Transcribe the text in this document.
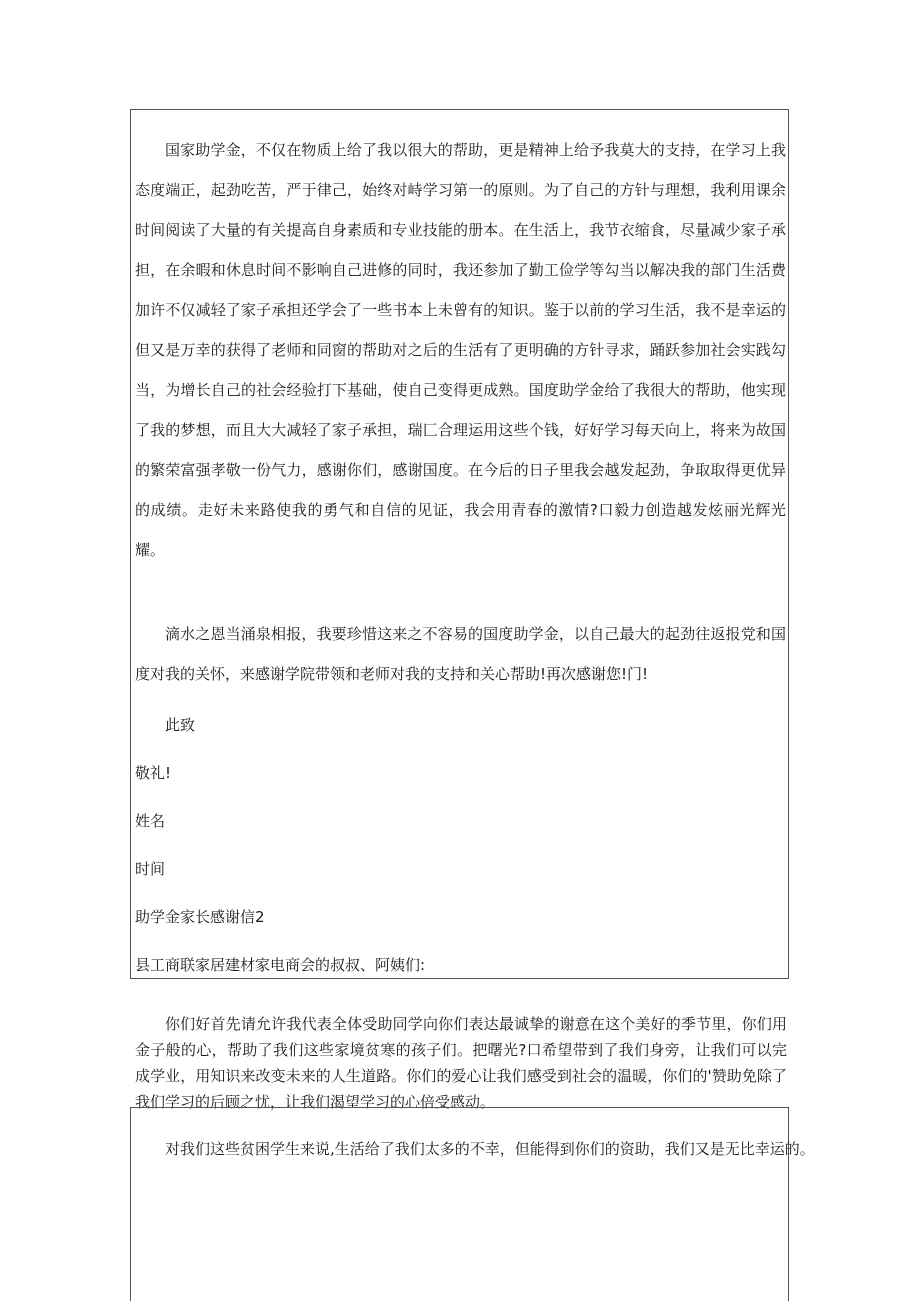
国家助学金，不仅在物质上给了我以很大的帮助，更是精神上给予我莫大的支持，在学习上我态度端正，起劲吃苦，严于律己，始终对峙学习第一的原则。为了自己的方针与理想，我利用课余时间阅读了大量的有关提高自身素质和专业技能的册本。在生活上，我节衣缩食，尽量减少家子承担，在余暇和休息时间不影响自己进修的同时，我还参加了勤工俭学等勾当以解决我的部门生活费加许不仅减轻了家子承担还学会了一些书本上未曾有的知识。鉴于以前的学习生活，我不是幸运的但又是万幸的获得了老师和同窗的帮助对之后的生活有了更明确的方针寻求，踊跃参加社会实践勾当，为增长自己的社会经验打下基础，使自己变得更成熟。国度助学金给了我很大的帮助，他实现了我的梦想，而且大大减轻了家子承担，瑞匚合理运用这些个钱，好好学习每天向上，将来为故国的繁荣富强孝敬一份气力，感谢你们，感谢国度。在今后的日子里我会越发起劲，争取取得更优异的成绩。走好未来路使我的勇气和自信的见证，我会用青春的激情?口毅力创造越发炫丽光辉光耀。

滴水之恩当涌泉相报，我要珍惜这来之不容易的国度助学金，以自己最大的起劲往返报党和国度对我的关怀，来感谢学院带领和老师对我的支持和关心帮助!再次感谢您!门!

此致

敬礼!

姓名

时间

助学金家长感谢信2

县工商联家居建材家电商会的叔叔、阿姨们:

你们好首先请允许我代表全体受助同学向你们表达最诚挚的谢意在这个美好的季节里，你们用金子般的心，帮助了我们这些家境贫寒的孩子们。把曙光?口希望带到了我们身旁，让我们可以完成学业，用知识来改变未来的人生道路。你们的爱心让我们感受到社会的温暖，你们的'赞助免除了我们学习的后顾之忧，让我们渴望学习的心倍受感动。

对我们这些贫困学生来说,生活给了我们太多的不幸，但能得到你们的资助，我们又是无比幸运的。
